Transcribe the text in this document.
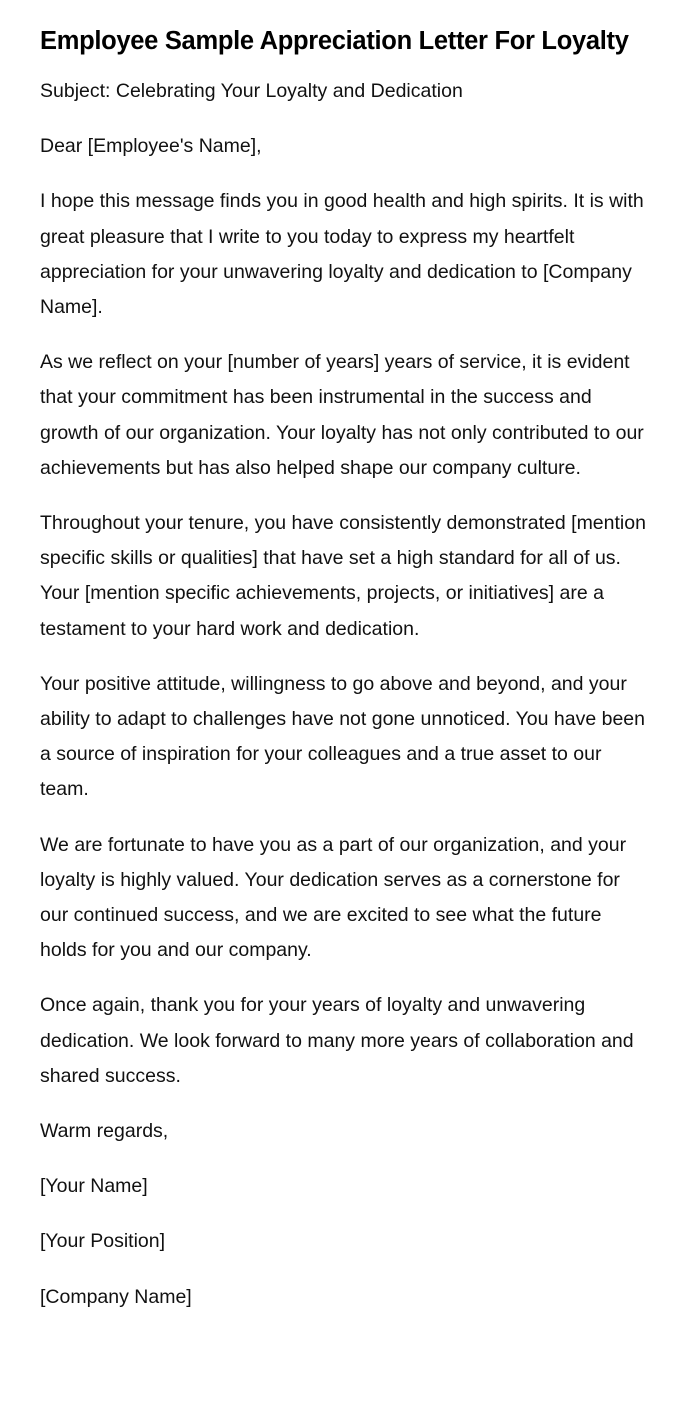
Employee Sample Appreciation Letter For Loyalty

Subject: Celebrating Your Loyalty and Dedication

Dear [Employee's Name],

I hope this message finds you in good health and high spirits. It is with great pleasure that I write to you today to express my heartfelt appreciation for your unwavering loyalty and dedication to [Company Name].

As we reflect on your [number of years] years of service, it is evident that your commitment has been instrumental in the success and growth of our organization. Your loyalty has not only contributed to our achievements but has also helped shape our company culture.

Throughout your tenure, you have consistently demonstrated [mention specific skills or qualities] that have set a high standard for all of us. Your [mention specific achievements, projects, or initiatives] are a testament to your hard work and dedication.

Your positive attitude, willingness to go above and beyond, and your ability to adapt to challenges have not gone unnoticed. You have been a source of inspiration for your colleagues and a true asset to our team.

We are fortunate to have you as a part of our organization, and your loyalty is highly valued. Your dedication serves as a cornerstone for our continued success, and we are excited to see what the future holds for you and our company.

Once again, thank you for your years of loyalty and unwavering dedication. We look forward to many more years of collaboration and shared success.

Warm regards,

[Your Name]

[Your Position]

[Company Name]
